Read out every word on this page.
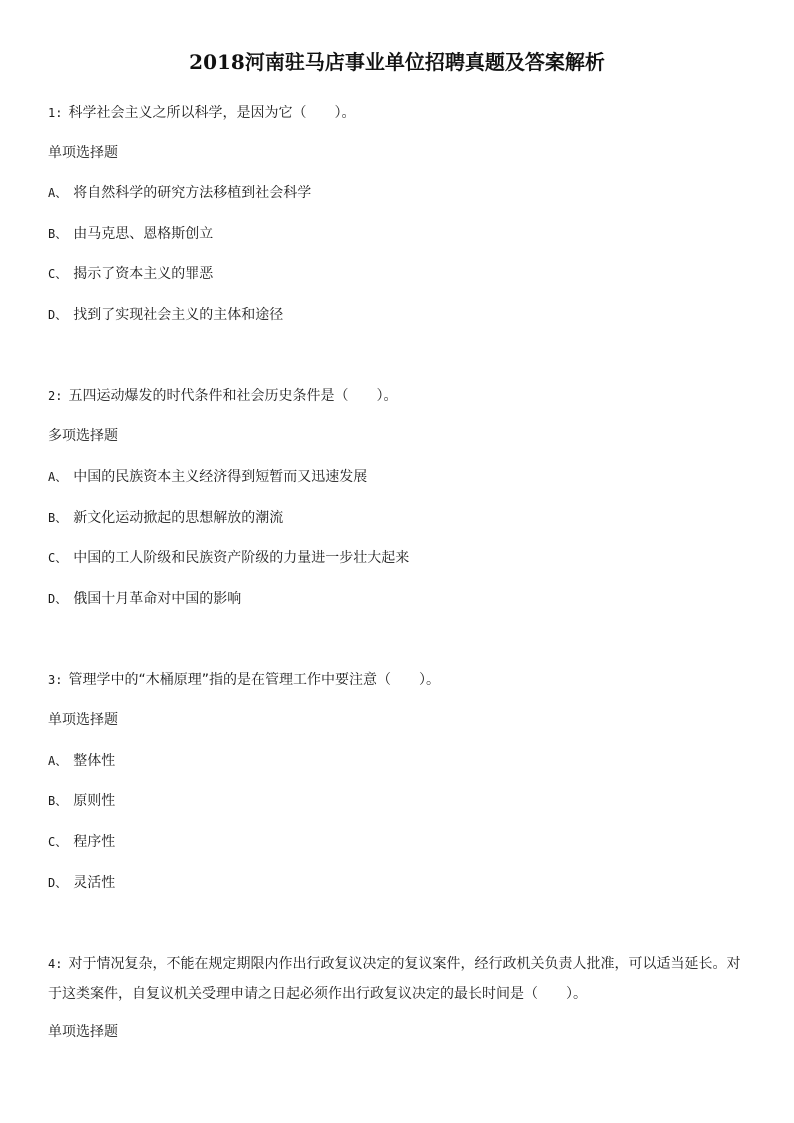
2018河南驻马店事业单位招聘真题及答案解析
1: 科学社会主义之所以科学，是因为它（　　）。
单项选择题
A、 将自然科学的研究方法移植到社会科学
B、 由马克思、恩格斯创立
C、 揭示了资本主义的罪恶
D、 找到了实现社会主义的主体和途径
2: 五四运动爆发的时代条件和社会历史条件是（　　）。
多项选择题
A、 中国的民族资本主义经济得到短暂而又迅速发展
B、 新文化运动掀起的思想解放的潮流
C、 中国的工人阶级和民族资产阶级的力量进一步壮大起来
D、 俄国十月革命对中国的影响
3: 管理学中的“木桶原理”指的是在管理工作中要注意（　　）。
单项选择题
A、 整体性
B、 原则性
C、 程序性
D、 灵活性
4: 对于情况复杂，不能在规定期限内作出行政复议决定的复议案件，经行政机关负责人批准，可以适当延长。对于这类案件，自复议机关受理申请之日起必须作出行政复议决定的最长时间是（　　）。
单项选择题
